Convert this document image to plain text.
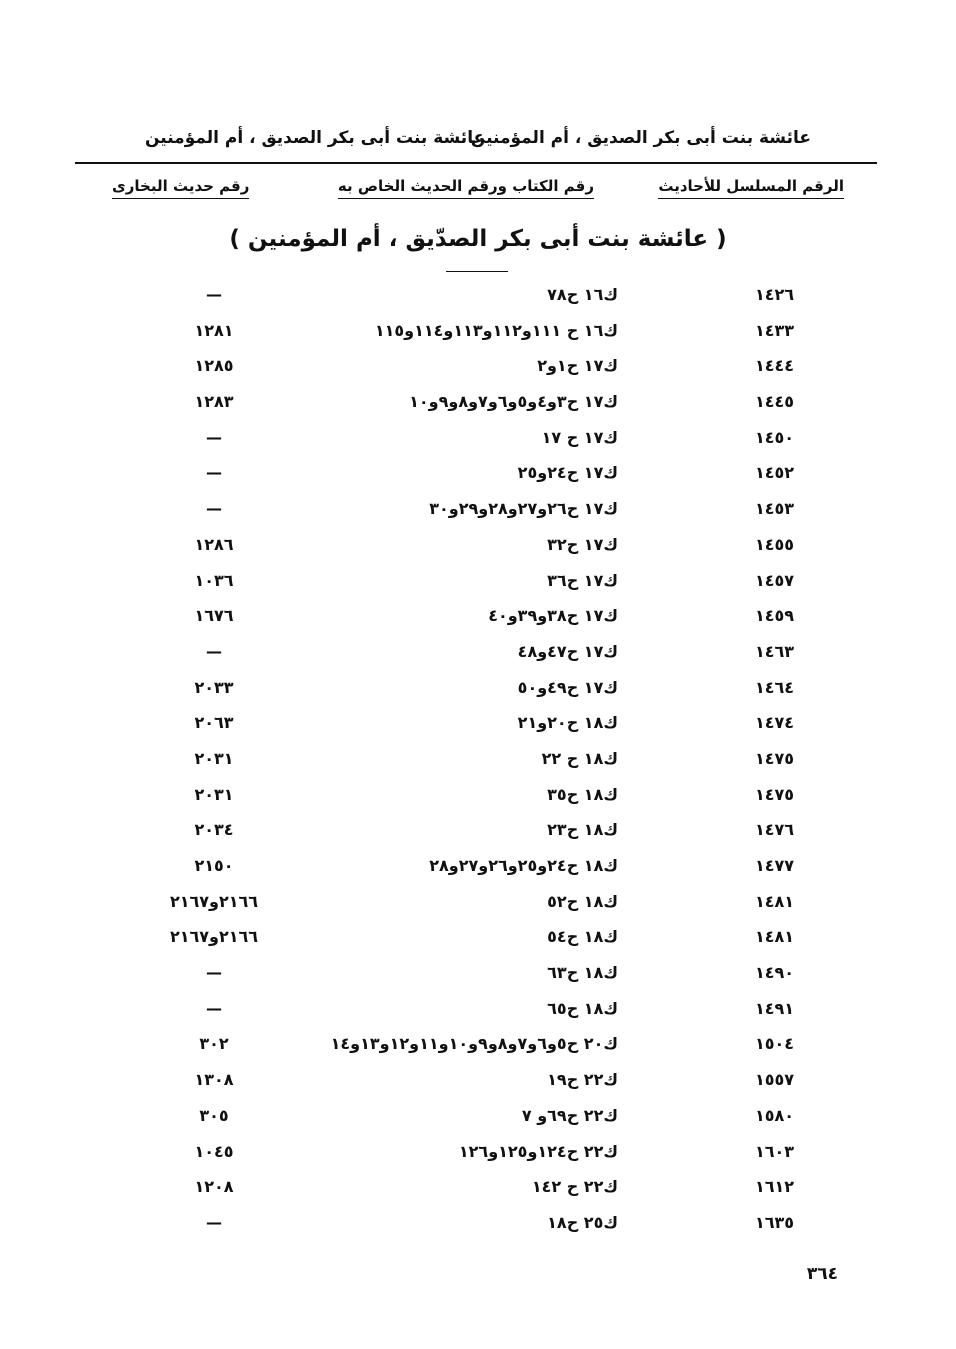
عائشة بنت أبى بكر الصديق ، أم المؤمنين
عائشة بنت أبى بكر الصديق ، أم المؤمنين
الرقم المسلسل للأحاديث
رقم الكتاب ورقم الحديث الخاص به
رقم حديث البخارى
( عائشة بنت أبى بكر الصدّيق ، أم المؤمنين )
١٤٢٦
ك١٦ ح٧٨
—
١٤٣٣
ك١٦ ح ١١١و١١٢و١١٣و١١٤و١١٥
١٢٨١
١٤٤٤
ك١٧ ح١و٢
١٢٨٥
١٤٤٥
ك١٧ ح٣و٤و٥و٦و٧و٨و٩و١٠
١٢٨٣
١٤٥٠
ك١٧ ح ١٧
—
١٤٥٢
ك١٧ ح٢٤و٢٥
—
١٤٥٣
ك١٧ ح٢٦و٢٧و٢٨و٢٩و٣٠
—
١٤٥٥
ك١٧ ح٣٢
١٢٨٦
١٤٥٧
ك١٧ ح٣٦
١٠٣٦
١٤٥٩
ك١٧ ح٣٨و٣٩و٤٠
١٦٧٦
١٤٦٣
ك١٧ ح٤٧و٤٨
—
١٤٦٤
ك١٧ ح٤٩و٥٠
٢٠٣٣
١٤٧٤
ك١٨ ح٢٠و٢١
٢٠٦٣
١٤٧٥
ك١٨ ح ٢٢
٢٠٣١
١٤٧٥
ك١٨ ح٣٥
٢٠٣١
١٤٧٦
ك١٨ ح٢٣
٢٠٣٤
١٤٧٧
ك١٨ ح٢٤و٢٥و٢٦و٢٧و٢٨
٢١٥٠
١٤٨١
ك١٨ ح٥٢
٢١٦٦و٢١٦٧
١٤٨١
ك١٨ ح٥٤
٢١٦٦و٢١٦٧
١٤٩٠
ك١٨ ح٦٣
—
١٤٩١
ك١٨ ح٦٥
—
١٥٠٤
ك٢٠ ح٥و٦و٧و٨و٩و١٠و١١و١٢و١٣و١٤
٣٠٢
١٥٥٧
ك٢٢ ح١٩
١٣٠٨
١٥٨٠
ك٢٢ ح٦٩و ٧
٣٠٥
١٦٠٣
ك٢٢ ح١٢٤و١٢٥و١٢٦
١٠٤٥
١٦١٢
ك٢٢ ح ١٤٢
١٢٠٨
١٦٣٥
ك٢٥ ح١٨
—
٣٦٤
